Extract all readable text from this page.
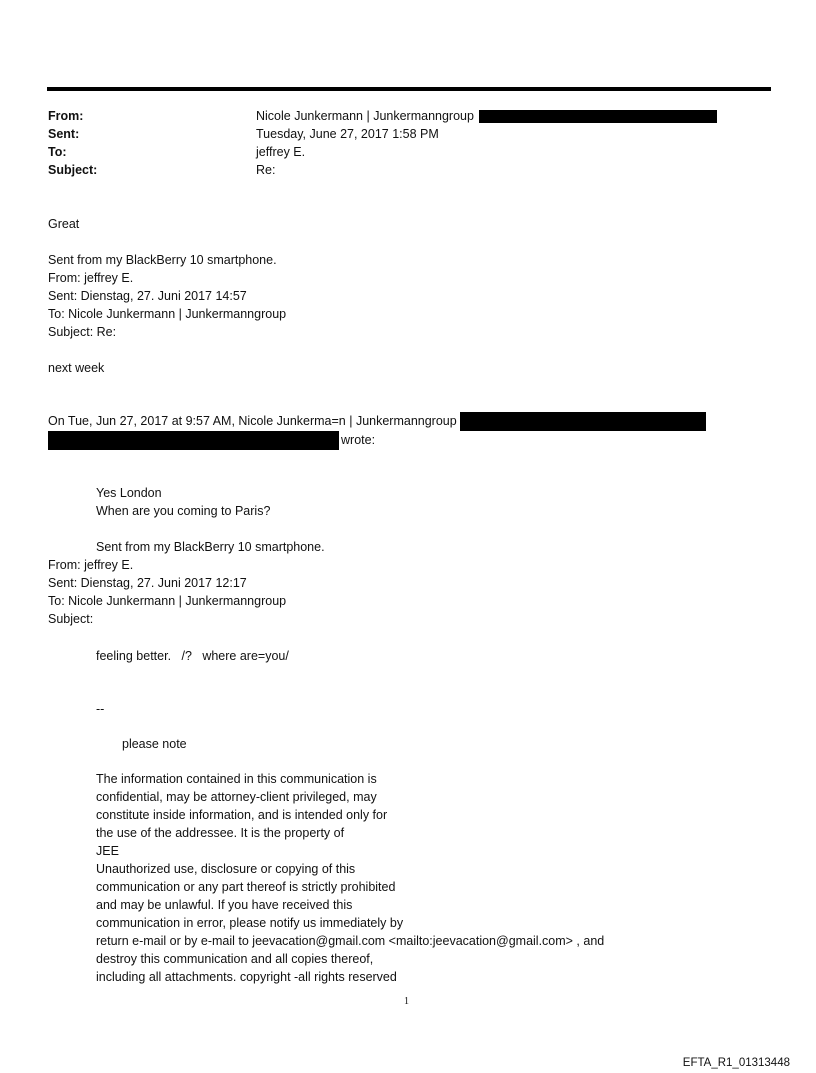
From:	Nicole Junkermann | Junkermanngroup
Sent:	Tuesday, June 27, 2017 1:58 PM
To:	jeffrey E.
Subject:	Re:
Great
Sent from my BlackBerry 10 smartphone.
From: jeffrey E.
Sent: Dienstag, 27. Juni 2017 14:57
To: Nicole Junkermann | Junkermanngroup
Subject: Re:
next week
On Tue, Jun 27, 2017 at 9:57 AM, Nicole Junkerma=n | Junkermanngroup
wrote:
Yes London
When are you coming to Paris?
Sent from my BlackBerry 10 smartphone.
From: jeffrey E.
Sent: Dienstag, 27. Juni 2017 12:17
To: Nicole Junkermann | Junkermanngroup
Subject:
feeling better.   /?   where are=you/
--
please note
The information contained in this communication is
confidential, may be attorney-client privileged, may
constitute inside information, and is intended only for
the use of the addressee. It is the property of
JEE
Unauthorized use, disclosure or copying of this
communication or any part thereof is strictly prohibited
and may be unlawful. If you have received this
communication in error, please notify us immediately by
return e-mail or by e-mail to jeevacation@gmail.com <mailto:jeevacation@gmail.com> , and
destroy this communication and all copies thereof,
including all attachments. copyright -all rights reserved
1
EFTA_R1_01313448
